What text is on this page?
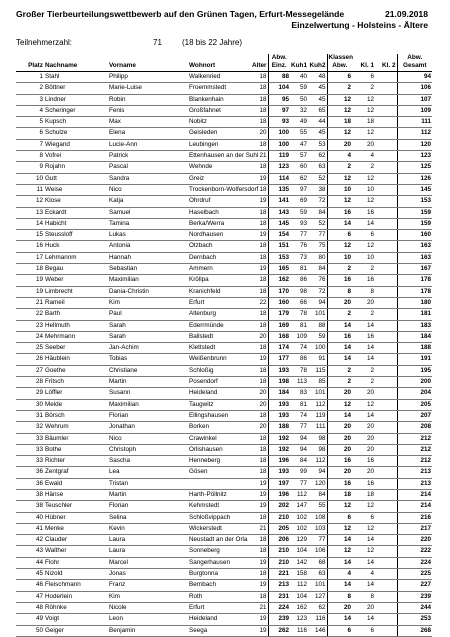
Großer Tierbeurteilungswettbewerb auf den Grünen Tagen, Erfurt-Messegelände	21.09.2018
Einzelwertung - Holsteins - Ältere
Teilnehmerzahl:	71	(18 bis 22 Jahre)
Platz	Nachname	Vorname	Wohnort	Alter	Abw.
Einz.	Kuh1	Kuh2	Klassen
Abw.	Kl. 1	Kl. 2	Abw.
Gesamt
1	Stahl	Philipp	Walkenried	18	88	40	48	6	6		94
2	Böttner	Marie-Luise	Froemmstedt	18	104	59	45	2	2		106
3	Lindner	Robin	Blankenhain	18	95	50	45	12	12		107
4	Scheringer	Fenis	Großfahnet	18	97	32	65	12	12		109
5	Kupsch	Max	Nobitz	18	93	49	44	18	18		111
6	Schulze	Elena	Geisleden	20	100	55	45	12	12		112
7	Wiegand	Lucie-Ann	Leubingen	18	100	47	53	20	20		120
8	Vofrei	Patrick	Ettenhausen an der Suhl	21	119	57	62	4	4		123
9	Rojahn	Pascal	Wehnde	18	123	60	63	2	2		125
10	Gutt	Sandra	Greiz	19	114	62	52	12	12		126
11	Weise	Nico	Trockenborn-Wolfersdorf	18	135	97	38	10	10		145
12	Klose	Katja	Ohrdruf	19	141	69	72	12	12		153
13	Eckardt	Samuel	Haselbach	18	143	59	84	16	16		159
14	Habicht	Tamina	Berka/Werra	18	145	93	52	14	14		159
15	Steussloff	Lukas	Nordhausen	19	154	77	77	6	6		160
16	Huck	Antonia	Otzbach	18	151	76	75	12	12		163
17	Lehmannm	Hannah	Dernbach	18	153	73	80	10	10		163
18	Begau	Sebastian	Ammern	19	165	81	84	2	2		167
19	Weber	Maximilian	Kröllpa	18	162	86	76	16	16		178
19	Limbrecht	Dania-Christin	Kranichfeld	18	170	98	72	8	8		178
21	Rameil	Kim	Erfurt	22	160	66	94	20	20		180
22	Barth	Paul	Altenburg	18	179	78	101	2	2		181
23	Hellmuth	Sarah	Ederrmünde	18	169	81	88	14	14		183
24	Mehrmann	Sarah	Ballstedt	20	168	109	59	16	16		184
25	Seeber	Jan-Achim	Klettstedt	18	174	74	100	14	14		188
26	Häublein	Tobias	Weißenbrunn	19	177	86	91	14	14		191
27	Goethe	Christiane	Schloßig	18	193	78	115	2	2		195
28	Fritsch	Martin	Posendorf	18	198	113	85	2	2		200
29	Löffler	Susann	Heideland	20	184	83	101	20	20		204
30	Melde	Maximilian	Taugwitz	20	193	81	112	12	12		205
31	Börsch	Florian	Ellingshausen	18	193	74	119	14	14		207
32	Wehrum	Jonathan	Borken	20	188	77	111	20	20		208
33	Bäumler	Nico	Crawinkel	18	192	94	98	20	20		212
33	Bothe	Christoph	Orlishausen	18	192	94	98	20	20		212
33	Richter	Sascha	Henneberg	18	196	84	112	16	16		212
36	Zentgraf	Lea	Gösen	18	193	99	94	20	20		213
36	Ewald	Tristan		19	197	77	120	16	16		213
38	Hänse	Martin	Harth-Pöllnitz	19	196	112	84	18	18		214
38	Teuschler	Florian	Kehmstedt	19	202	147	55	12	12		214
40	Hübner	Selina	Schloßvippach	18	210	102	108	6	6		216
41	Menke	Kevin	Wickerstedt	21	205	102	103	12	12		217
42	Clauder	Laura	Neustadt an der Orla	18	206	129	77	14	14		220
43	Walther	Laura	Sonneberg	18	210	104	106	12	12		222
44	Flohr	Marcel	Sangerhausen	19	210	142	68	14	14		224
45	Nizold	Jonas	Burgtonna	18	221	158	63	4	4		225
46	Fleischmann	Franz	Bernbach	19	213	112	101	14	14		227
47	Hoderlein	Kim	Roth	18	231	104	127	8	8		239
48	Röhnke	Nicole	Erfurt	21	224	162	62	20	20		244
49	Voigt	Leon	Heideland	19	239	123	116	14	14		253
50	Geiger	Benjamin	Seega	19	262	116	146	6	6		268
